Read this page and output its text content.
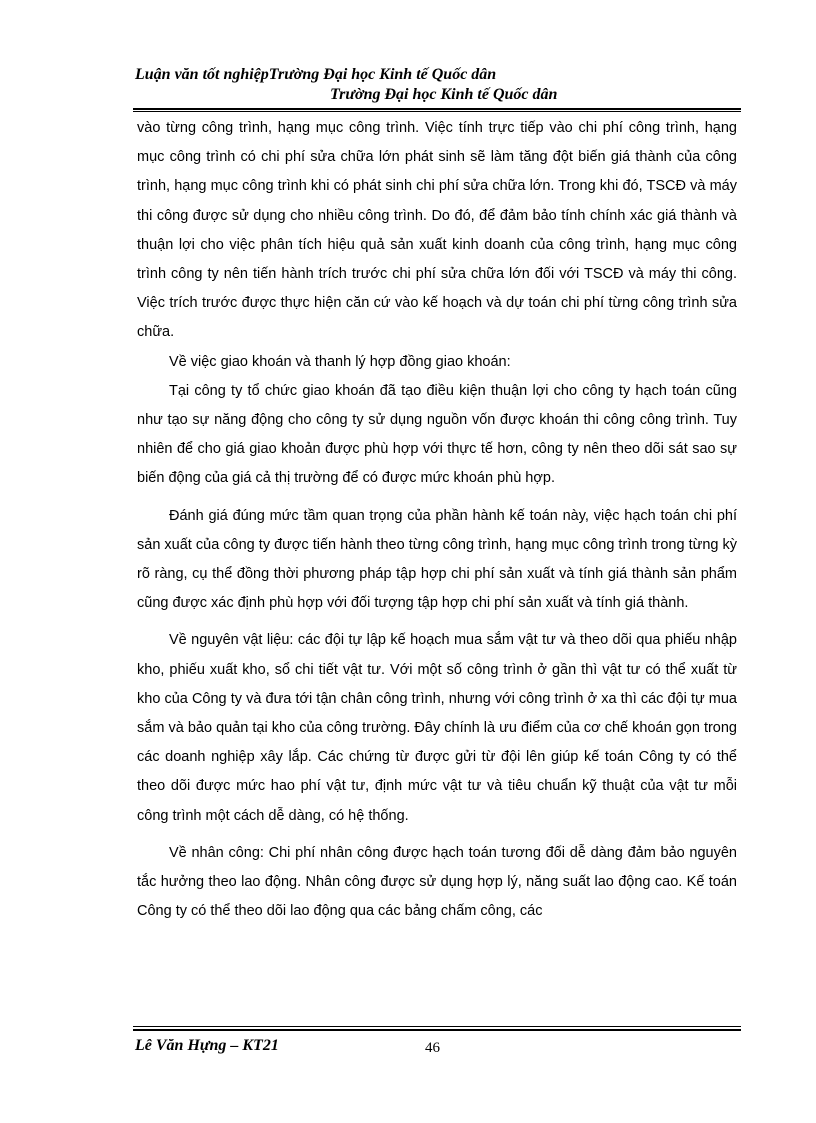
Luận văn tốt nghiệpTrường Đại học Kinh tế Quốc dân
Trường Đại học Kinh tế Quốc dân

vào từng công trình, hạng mục công trình. Việc tính trực tiếp vào chi phí công trình, hạng mục công trình có chi phí sửa chữa lớn phát sinh sẽ làm tăng đột biến giá thành của công trình, hạng mục công trình khi có phát sinh chi phí sửa chữa lớn. Trong khi đó, TSCĐ và máy thi công được sử dụng cho nhiều công trình. Do đó, để đảm bảo tính chính xác giá thành và thuận lợi cho việc phân tích hiệu quả sản xuất kinh doanh của công trình, hạng mục công trình công ty nên tiến hành trích trước chi phí sửa chữa lớn đối với TSCĐ và máy thi công. Việc trích trước được thực hiện căn cứ vào kế hoạch và dự toán chi phí từng công trình sửa chữa.

Về việc giao khoán và thanh lý hợp đồng giao khoán:

Tại công ty tổ chức giao khoán đã tạo điều kiện thuận lợi cho công ty hạch toán cũng như tạo sự năng động cho công ty sử dụng nguồn vốn được khoán thi công công trình. Tuy nhiên để cho giá giao khoản được phù hợp với thực tế hơn, công ty nên theo dõi sát sao sự biến động của giá cả thị trường để có được mức khoán phù hợp.

Đánh giá đúng mức tầm quan trọng của phần hành kế toán này, việc hạch toán chi phí sản xuất của công ty được tiến hành theo từng công trình, hạng mục công trình trong từng kỳ rõ ràng, cụ thể đồng thời phương pháp tập hợp chi phí sản xuất và tính giá thành sản phẩm cũng được xác định phù hợp với đối tượng tập hợp chi phí sản xuất và tính giá thành.

Về nguyên vật liệu: các đội tự lập kế hoạch mua sắm vật tư và theo dõi qua phiếu nhập kho, phiếu xuất kho, sổ chi tiết vật tư. Với một số công trình ở gần thì vật tư có thể xuất từ kho của Công ty và đưa tới tận chân công trình, nhưng với công trình ở xa thì các đội tự mua sắm và bảo quản tại kho của công trường. Đây chính là ưu điểm của cơ chế khoán gọn trong các doanh nghiệp xây lắp. Các chứng từ được gửi từ đội lên giúp kế toán Công ty có thể theo dõi được mức hao phí vật tư, định mức vật tư và tiêu chuẩn kỹ thuật của vật tư mỗi công trình một cách dễ dàng, có hệ thống.

Về nhân công: Chi phí nhân công được hạch toán tương đối dễ dàng đảm bảo nguyên tắc hưởng theo lao động. Nhân công được sử dụng hợp lý, năng suất lao động cao. Kế toán Công ty có thể theo dõi lao động qua các bảng chấm công, các

Lê Văn Hựng – KT21	46
